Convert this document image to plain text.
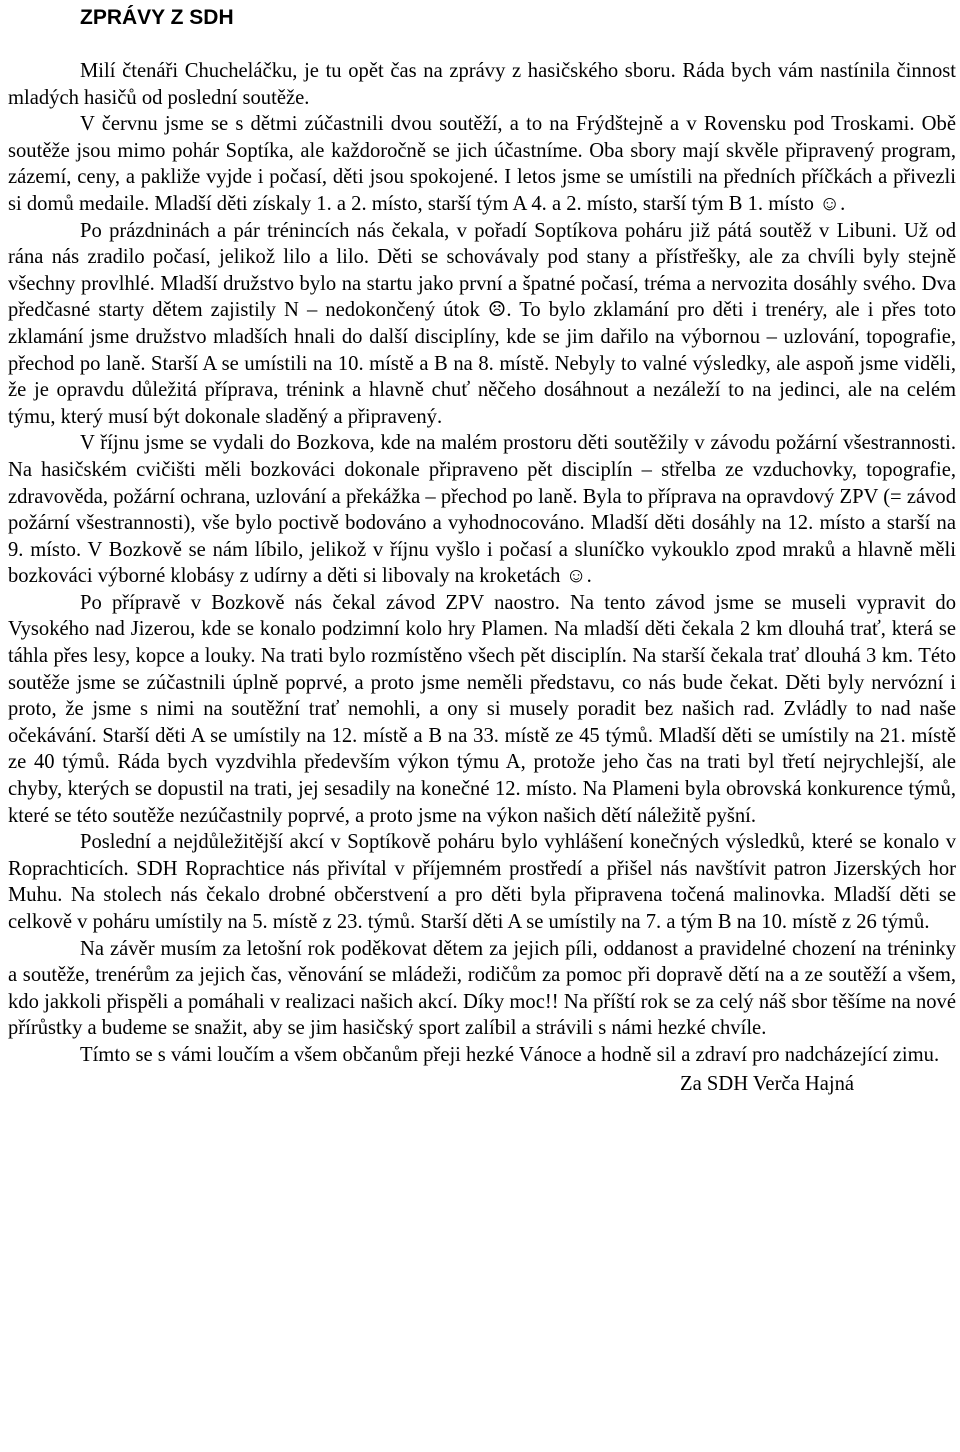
ZPRÁVY Z SDH

Milí čtenáři Chucheláčku, je tu opět čas na zprávy z hasičského sboru. Ráda bych vám nastínila činnost mladých hasičů od poslední soutěže.

V červnu jsme se s dětmi zúčastnili dvou soutěží, a to na Frýdštejně a v Rovensku pod Troskami. Obě soutěže jsou mimo pohár Soptíka, ale každoročně se jich účastníme. Oba sbory mají skvěle připravený program, zázemí, ceny, a pakliže vyjde i počasí, děti jsou spokojené. I letos jsme se umístili na předních příčkách a přivezli si domů medaile. Mladší děti získaly 1. a 2. místo, starší tým A 4. a 2. místo, starší tým B 1. místo ☺.

Po prázdninách a pár trénincích nás čekala, v pořadí Soptíkova poháru již pátá soutěž v Libuni. Už od rána nás zradilo počasí, jelikož lilo a lilo. Děti se schovávaly pod stany a přístřešky, ale za chvíli byly stejně všechny provlhlé. Mladší družstvo bylo na startu jako první a špatné počasí, tréma a nervozita dosáhly svého. Dva předčasné starty dětem zajistily N – nedokončený útok ☹. To bylo zklamání pro děti i trenéry, ale i přes toto zklamání jsme družstvo mladších hnali do další disciplíny, kde se jim dařilo na výbornou – uzlování, topografie, přechod po laně. Starší A se umístili na 10. místě a B na 8. místě. Nebyly to valné výsledky, ale aspoň jsme viděli, že je opravdu důležitá příprava, trénink a hlavně chuť něčeho dosáhnout a nezáleží to na jedinci, ale na celém týmu, který musí být dokonale sladěný a připravený.

V říjnu jsme se vydali do Bozkova, kde na malém prostoru děti soutěžily v závodu požární všestrannosti. Na hasičském cvičišti měli bozkováci dokonale připraveno pět disciplín – střelba ze vzduchovky, topografie, zdravověda, požární ochrana, uzlování a překážka – přechod po laně. Byla to příprava na opravdový ZPV (= závod požární všestrannosti), vše bylo poctivě bodováno a vyhodnocováno. Mladší děti dosáhly na 12. místo a starší na 9. místo. V Bozkově se nám líbilo, jelikož v říjnu vyšlo i počasí a sluníčko vykouklo zpod mraků a hlavně měli bozkováci výborné klobásy z udírny a děti si libovaly na kroketách ☺.

Po přípravě v Bozkově nás čekal závod ZPV naostro. Na tento závod jsme se museli vypravit do Vysokého nad Jizerou, kde se konalo podzimní kolo hry Plamen. Na mladší děti čekala 2 km dlouhá trať, která se táhla přes lesy, kopce a louky. Na trati bylo rozmístěno všech pět disciplín. Na starší čekala trať dlouhá 3 km. Této soutěže jsme se zúčastnili úplně poprvé, a proto jsme neměli představu, co nás bude čekat. Děti byly nervózní i proto, že jsme s nimi na soutěžní trať nemohli, a ony si musely poradit bez našich rad. Zvládly to nad naše očekávání. Starší děti A se umístily na 12. místě a B na 33. místě ze 45 týmů. Mladší děti se umístily na 21. místě ze 40 týmů. Ráda bych vyzdvihla především výkon týmu A, protože jeho čas na trati byl třetí nejrychlejší, ale chyby, kterých se dopustil na trati, jej sesadily na konečné 12. místo. Na Plameni byla obrovská konkurence týmů, které se této soutěže nezúčastnily poprvé, a proto jsme na výkon našich dětí náležitě pyšní.

Poslední a nejdůležitější akcí v Soptíkově poháru bylo vyhlášení konečných výsledků, které se konalo v Roprachticích. SDH Roprachtice nás přivítal v příjemném prostředí a přišel nás navštívit patron Jizerských hor Muhu. Na stolech nás čekalo drobné občerstvení a pro děti byla připravena točená malinovka. Mladší děti se celkově v poháru umístily na 5. místě z 23. týmů. Starší děti A se umístily na 7. a tým B na 10. místě z 26 týmů.

Na závěr musím za letošní rok poděkovat dětem za jejich píli, oddanost a pravidelné chození na tréninky a soutěže, trenérům za jejich čas, věnování se mládeži, rodičům za pomoc při dopravě dětí na a ze soutěží a všem, kdo jakkoli přispěli a pomáhali v realizaci našich akcí. Díky moc!! Na příští rok se za celý náš sbor těšíme na nové přírůstky a budeme se snažit, aby se jim hasičský sport zalíbil a strávili s námi hezké chvíle.

Tímto se s vámi loučím a všem občanům přeji hezké Vánoce a hodně sil a zdraví pro nadcházející zimu.

Za SDH Verča Hajná
